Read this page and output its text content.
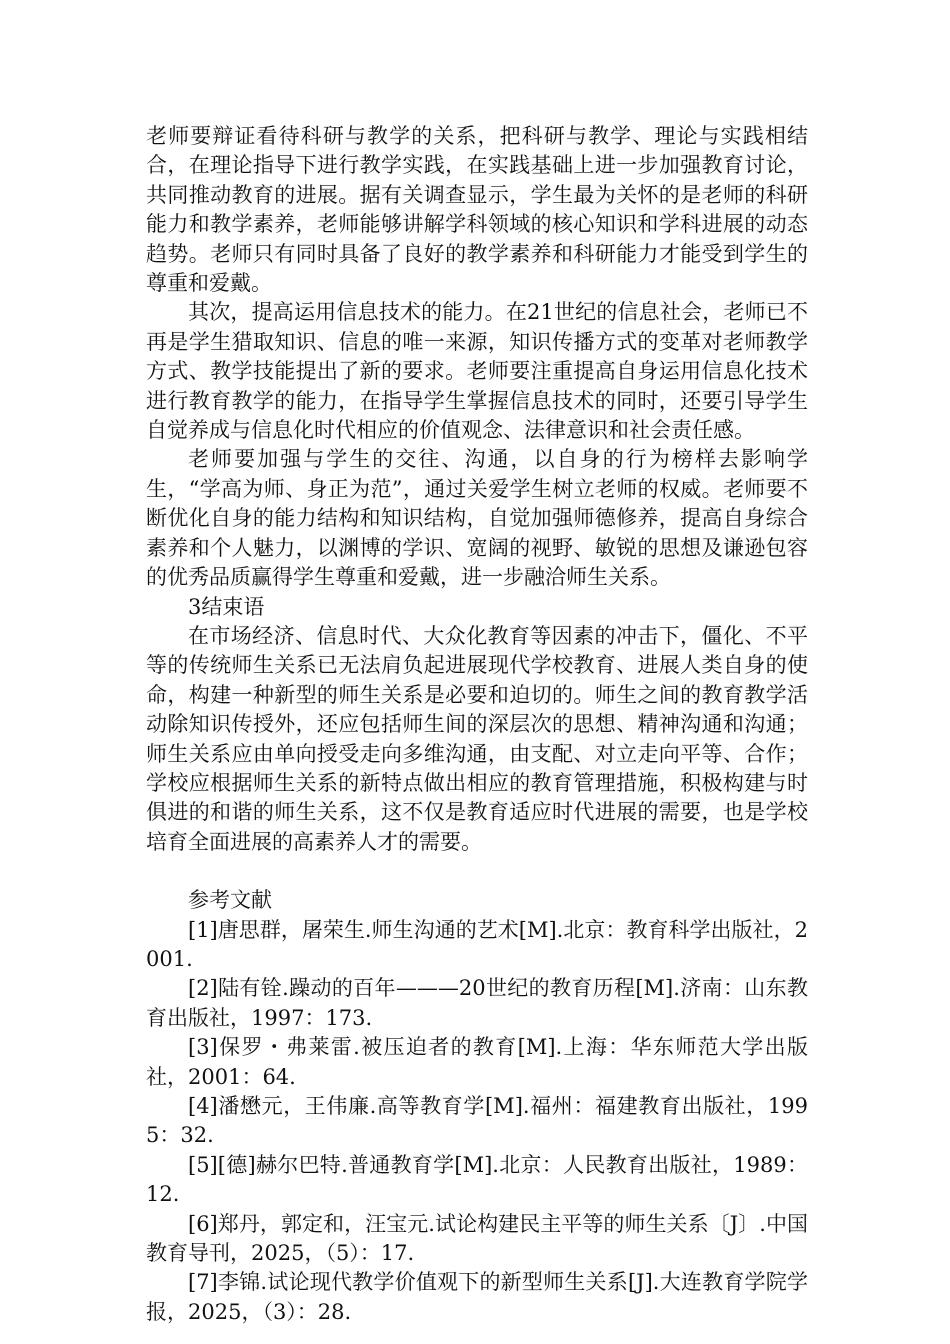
老师要辩证看待科研与教学的关系，把科研与教学、理论与实践相结合，在理论指导下进行教学实践，在实践基础上进一步加强教育讨论，共同推动教育的进展。据有关调查显示，学生最为关怀的是老师的科研能力和教学素养，老师能够讲解学科领域的核心知识和学科进展的动态趋势。老师只有同时具备了良好的教学素养和科研能力才能受到学生的尊重和爱戴。

其次，提高运用信息技术的能力。在21世纪的信息社会，老师已不再是学生猎取知识、信息的唯一来源，知识传播方式的变革对老师教学方式、教学技能提出了新的要求。老师要注重提高自身运用信息化技术进行教育教学的能力，在指导学生掌握信息技术的同时，还要引导学生自觉养成与信息化时代相应的价值观念、法律意识和社会责任感。

老师要加强与学生的交往、沟通，以自身的行为榜样去影响学生，“学高为师、身正为范”，通过关爱学生树立老师的权威。老师要不断优化自身的能力结构和知识结构，自觉加强师德修养，提高自身综合素养和个人魅力，以渊博的学识、宽阔的视野、敏锐的思想及谦逊包容的优秀品质赢得学生尊重和爱戴，进一步融洽师生关系。

3结束语

在市场经济、信息时代、大众化教育等因素的冲击下，僵化、不平等的传统师生关系已无法肩负起进展现代学校教育、进展人类自身的使命，构建一种新型的师生关系是必要和迫切的。师生之间的教育教学活动除知识传授外，还应包括师生间的深层次的思想、精神沟通和沟通；师生关系应由单向授受走向多维沟通，由支配、对立走向平等、合作；学校应根据师生关系的新特点做出相应的教育管理措施，积极构建与时俱进的和谐的师生关系，这不仅是教育适应时代进展的需要，也是学校培育全面进展的高素养人才的需要。

参考文献

[1]唐思群，屠荣生.师生沟通的艺术[M].北京：教育科学出版社，2001.

[2]陆有铨.躁动的百年———20世纪的教育历程[M].济南：山东教育出版社，1997：173.

[3]保罗・弗莱雷.被压迫者的教育[M].上海：华东师范大学出版社，2001：64.

[4]潘懋元，王伟廉.高等教育学[M].福州：福建教育出版社，1995：32.

[5][德]赫尔巴特.普通教育学[M].北京：人民教育出版社，1989：12.

[6]郑丹，郭定和，汪宝元.试论构建民主平等的师生关系〔J〕.中国教育导刊，2025，（5）：17.

[7]李锦.试论现代教学价值观下的新型师生关系[J].大连教育学院学报，2025，（3）：28.
